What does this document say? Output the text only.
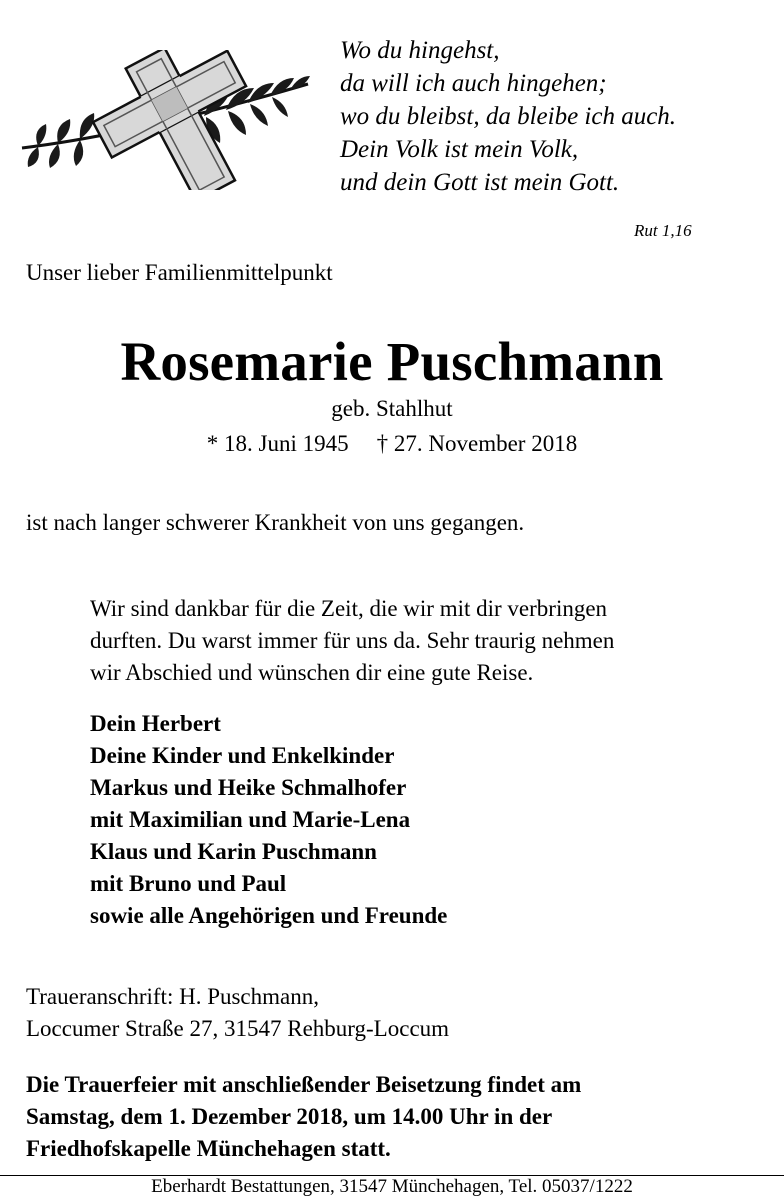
Wo du hingehst,
da will ich auch hingehen;
wo du bleibst, da bleibe ich auch.
Dein Volk ist mein Volk,
und dein Gott ist mein Gott.
Rut 1,16
Unser lieber Familienmittelpunkt
Rosemarie Puschmann
geb. Stahlhut
* 18. Juni 1945 † 27. November 2018
ist nach langer schwerer Krankheit von uns gegangen.
Wir sind dankbar für die Zeit, die wir mit dir verbringen
durften. Du warst immer für uns da. Sehr traurig nehmen
wir Abschied und wünschen dir eine gute Reise.
Dein Herbert
Deine Kinder und Enkelkinder
Markus und Heike Schmalhofer
mit Maximilian und Marie-Lena
Klaus und Karin Puschmann
mit Bruno und Paul
sowie alle Angehörigen und Freunde
Traueranschrift: H. Puschmann,
Loccumer Straße 27, 31547 Rehburg-Loccum
Die Trauerfeier mit anschließender Beisetzung findet am
Samstag, dem 1. Dezember 2018, um 14.00 Uhr in der
Friedhofskapelle Münchehagen statt.
Eberhardt Bestattungen, 31547 Münchehagen, Tel. 05037/1222
